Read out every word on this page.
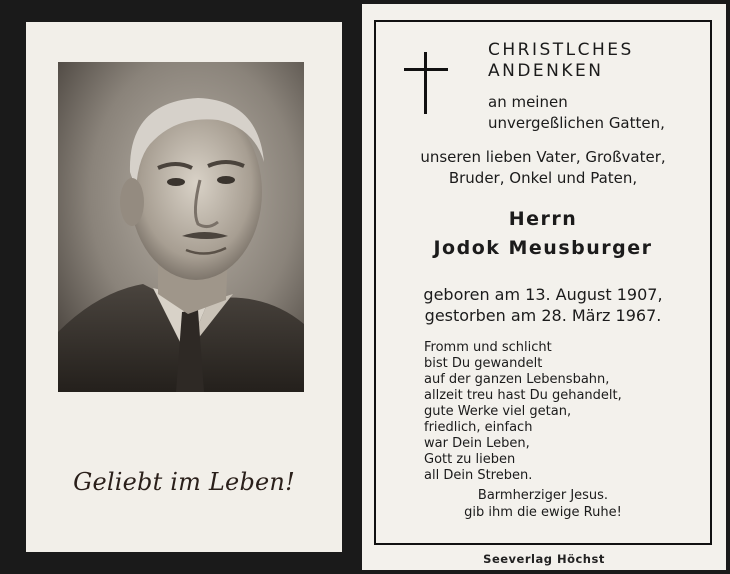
Geliebt im Leben!
CHRISTLCHES
ANDENKEN
an meinen
unvergeßlichen Gatten,
unseren lieben Vater, Großvater,
Bruder, Onkel und Paten,
Herrn
Jodok Meusburger
geboren am 13. August 1907,
gestorben am 28. März 1967.
Fromm und schlicht
bist Du gewandelt
auf der ganzen Lebensbahn,
allzeit treu hast Du gehandelt,
gute Werke viel getan,
friedlich, einfach
war Dein Leben,
Gott zu lieben
all Dein Streben.
Barmherziger Jesus.
gib ihm die ewige Ruhe!
Seeverlag Höchst
